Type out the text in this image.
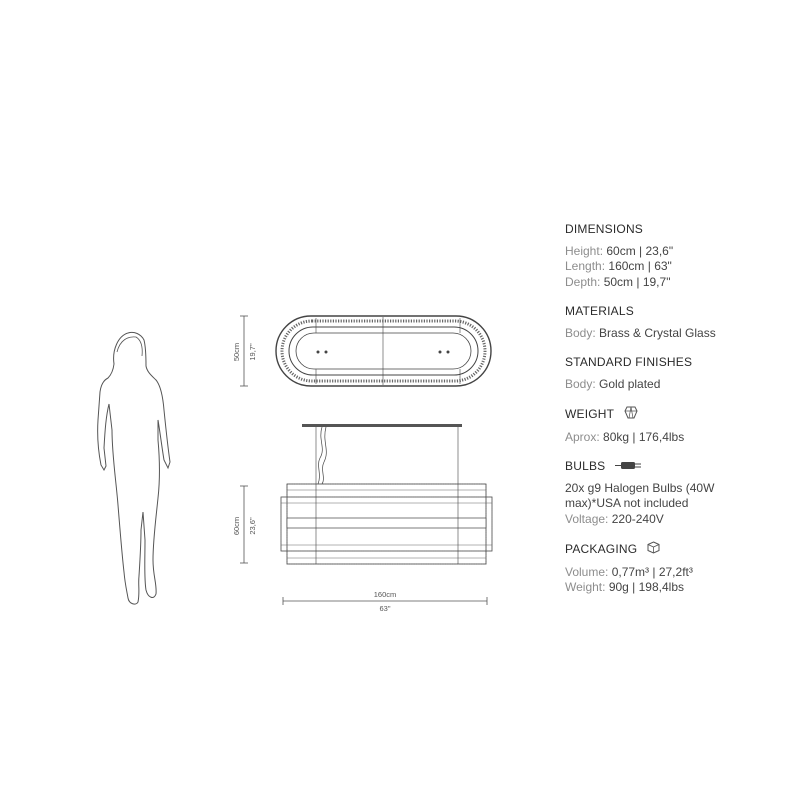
50cm 19,7"
60cm 23,6"
160cm
63"
DIMENSIONS

Height: 60cm | 23,6"

Length: 160cm | 63"

Depth: 50cm | 19,7"

MATERIALS

Body: Brass & Crystal Glass

STANDARD FINISHES

Body: Gold plated

WEIGHT

Aprox: 80kg | 176,4lbs

BULBS

20x g9 Halogen Bulbs (40W

max)*USA not included

Voltage: 220-240V

PACKAGING

Volume: 0,77m³ | 27,2ft³

Weight: 90g | 198,4lbs
